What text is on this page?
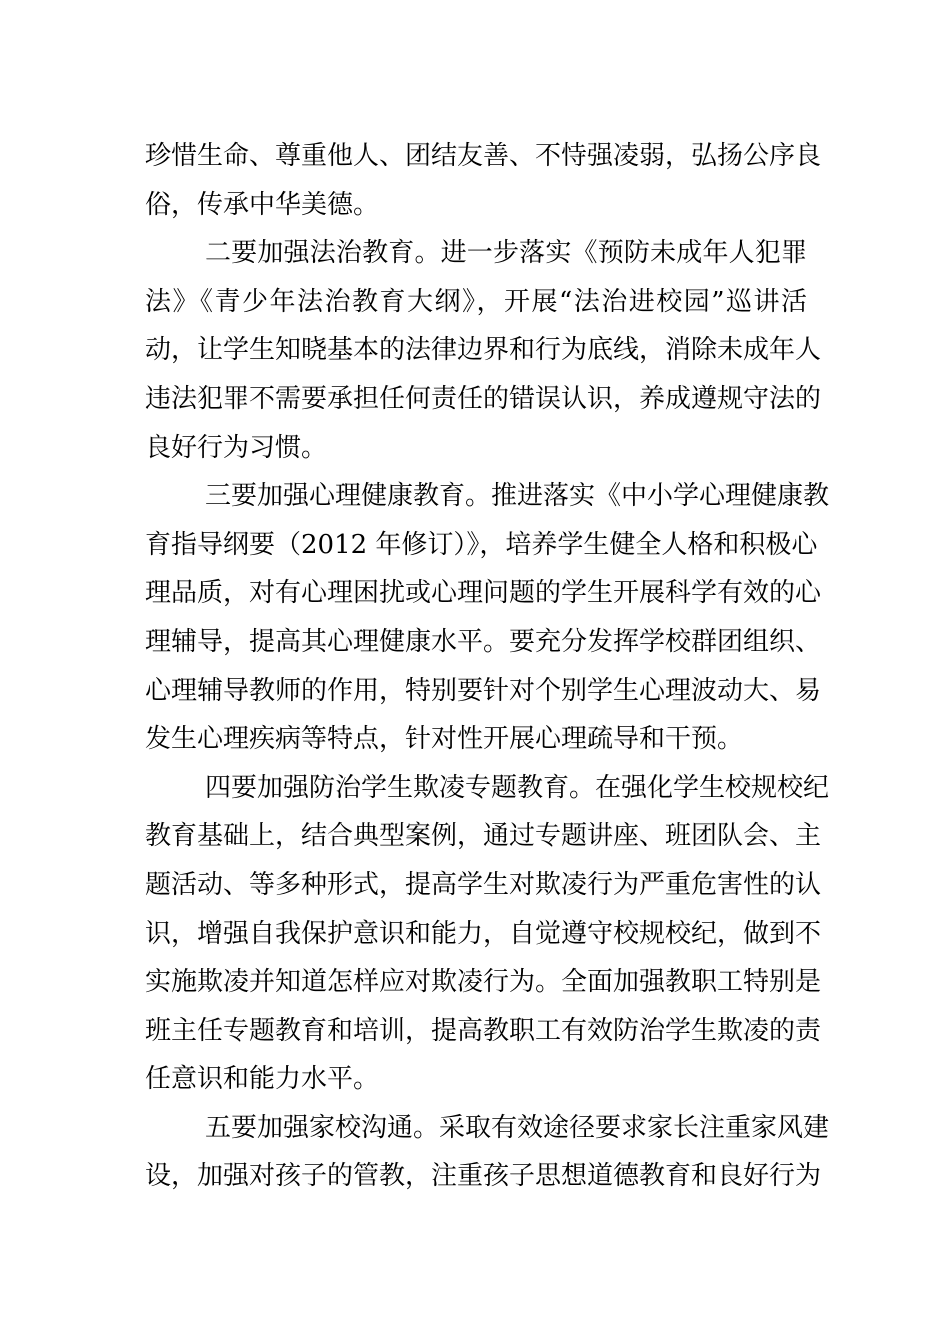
珍惜生命、尊重他人、团结友善、不恃强凌弱，弘扬公序良
俗，传承中华美德。
二要加强法治教育。进一步落实《预防未成年人犯罪
法》《青少年法治教育大纲》，开展“法治进校园”巡讲活
动，让学生知晓基本的法律边界和行为底线，消除未成年人
违法犯罪不需要承担任何责任的错误认识，养成遵规守法的
良好行为习惯。
三要加强心理健康教育。推进落实《中小学心理健康教
育指导纲要（2012 年修订）》，培养学生健全人格和积极心
理品质，对有心理困扰或心理问题的学生开展科学有效的心
理辅导，提高其心理健康水平。要充分发挥学校群团组织、
心理辅导教师的作用，特别要针对个别学生心理波动大、易
发生心理疾病等特点，针对性开展心理疏导和干预。
四要加强防治学生欺凌专题教育。在强化学生校规校纪
教育基础上，结合典型案例，通过专题讲座、班团队会、主
题活动、等多种形式，提高学生对欺凌行为严重危害性的认
识，增强自我保护意识和能力，自觉遵守校规校纪，做到不
实施欺凌并知道怎样应对欺凌行为。全面加强教职工特别是
班主任专题教育和培训，提高教职工有效防治学生欺凌的责
任意识和能力水平。
五要加强家校沟通。采取有效途径要求家长注重家风建
设，加强对孩子的管教，注重孩子思想道德教育和良好行为
